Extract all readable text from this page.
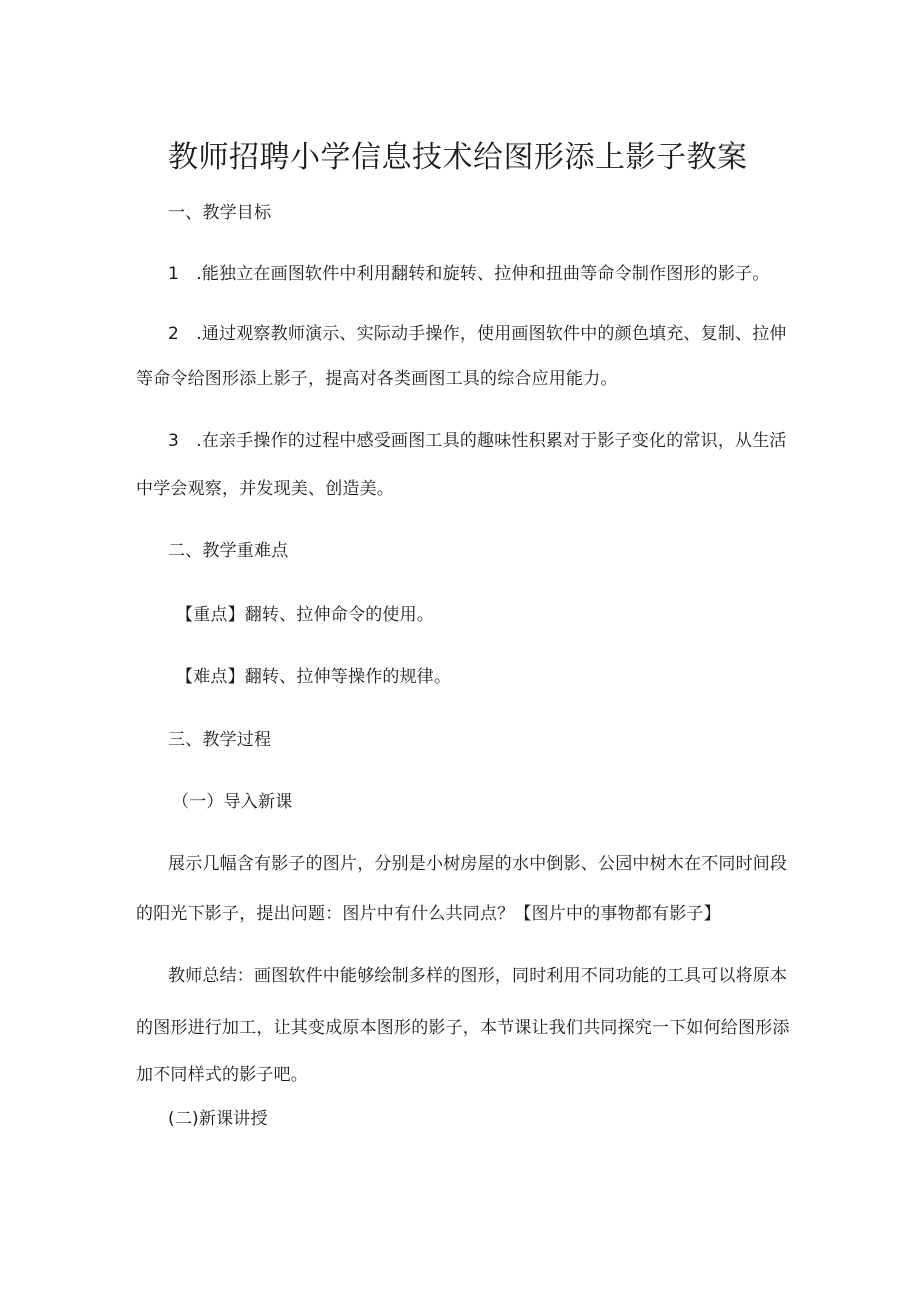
教师招聘小学信息技术给图形添上影子教案
一、教学目标
1　.能独立在画图软件中利用翻转和旋转、拉伸和扭曲等命令制作图形的影子。
2　.通过观察教师演示、实际动手操作，使用画图软件中的颜色填充、复制、拉伸
等命令给图形添上影子，提高对各类画图工具的综合应用能力。
3　.在亲手操作的过程中感受画图工具的趣味性积累对于影子变化的常识，从生活
中学会观察，并发现美、创造美。
二、教学重难点
【重点】翻转、拉伸命令的使用。
【难点】翻转、拉伸等操作的规律。
三、教学过程
（一）导入新课
展示几幅含有影子的图片，分别是小树房屋的水中倒影、公园中树木在不同时间段
的阳光下影子，提出问题：图片中有什么共同点？【图片中的事物都有影子】
教师总结：画图软件中能够绘制多样的图形，同时利用不同功能的工具可以将原本
的图形进行加工，让其变成原本图形的影子，本节课让我们共同探究一下如何给图形添
加不同样式的影子吧。
(二)新课讲授
